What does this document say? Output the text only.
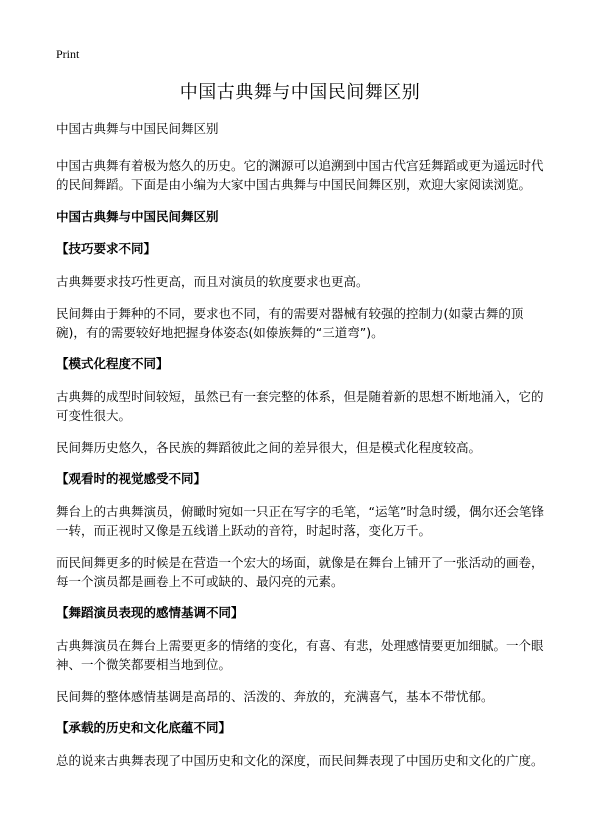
Print
中国古典舞与中国民间舞区别

中国古典舞与中国民间舞区别

中国古典舞有着极为悠久的历史。它的渊源可以追溯到中国古代宫廷舞蹈或更为遥远时代的民间舞蹈。下面是由小编为大家中国古典舞与中国民间舞区别，欢迎大家阅读浏览。

中国古典舞与中国民间舞区别

【技巧要求不同】

古典舞要求技巧性更高，而且对演员的软度要求也更高。

民间舞由于舞种的不同，要求也不同，有的需要对器械有较强的控制力(如蒙古舞的顶碗)，有的需要较好地把握身体姿态(如傣族舞的“三道弯”)。

【模式化程度不同】

古典舞的成型时间较短，虽然已有一套完整的体系，但是随着新的思想不断地涌入，它的可变性很大。

民间舞历史悠久，各民族的舞蹈彼此之间的差异很大，但是模式化程度较高。

【观看时的视觉感受不同】

舞台上的古典舞演员，俯瞰时宛如一只正在写字的毛笔，“运笔”时急时缓，偶尔还会笔锋一转，而正视时又像是五线谱上跃动的音符，时起时落，变化万千。

而民间舞更多的时候是在营造一个宏大的场面，就像是在舞台上铺开了一张活动的画卷，每一个演员都是画卷上不可或缺的、最闪亮的元素。

【舞蹈演员表现的感情基调不同】

古典舞演员在舞台上需要更多的情绪的变化，有喜、有悲，处理感情要更加细腻。一个眼神、一个微笑都要相当地到位。

民间舞的整体感情基调是高昂的、活泼的、奔放的，充满喜气，基本不带忧郁。

【承载的历史和文化底蕴不同】

总的说来古典舞表现了中国历史和文化的深度，而民间舞表现了中国历史和文化的广度。
